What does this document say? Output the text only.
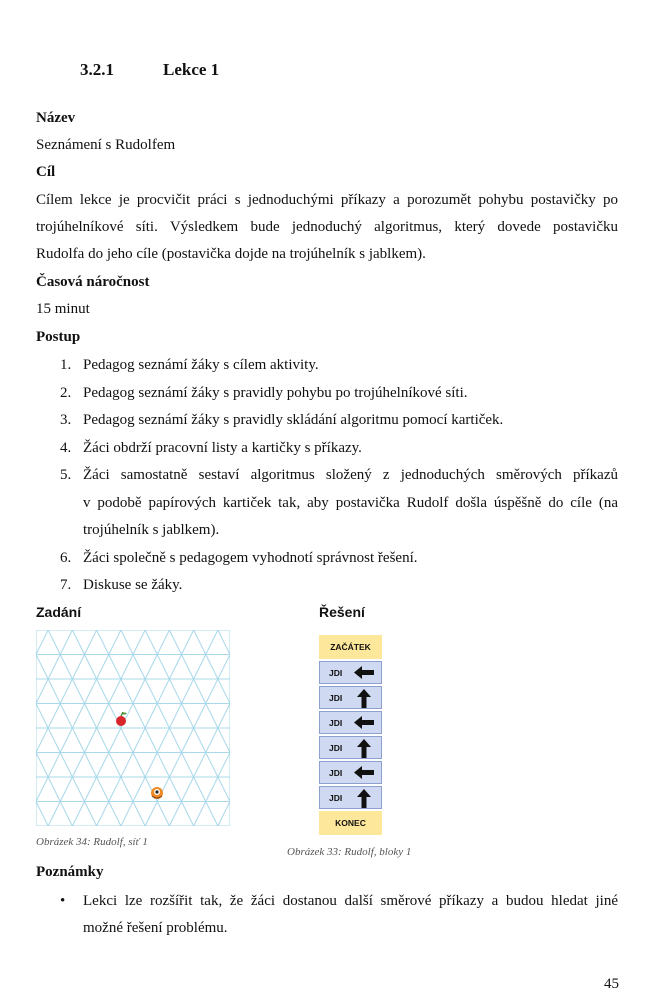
3.2.1	Lekce 1
Název
Seznámení s Rudolfem
Cíl
Cílem lekce je procvičit práci s jednoduchými příkazy a porozumět pohybu postavičky po
trojúhelníkové síti. Výsledkem bude jednoduchý algoritmus, který dovede postavičku
Rudolfa do jeho cíle (postavička dojde na trojúhelník s jablkem).
Časová náročnost
15 minut
Postup
1. Pedagog seznámí žáky s cílem aktivity.
2. Pedagog seznámí žáky s pravidly pohybu po trojúhelníkové síti.
3. Pedagog seznámí žáky s pravidly skládání algoritmu pomocí kartiček.
4. Žáci obdrží pracovní listy a kartičky s příkazy.
5. Žáci samostatně sestaví algoritmus složený z jednoduchých směrových příkazů
v podobě papírových kartiček tak, aby postavička Rudolf došla úspěšně do cíle (na
trojúhelník s jablkem).
6. Žáci společně s pedagogem vyhodnotí správnost řešení.
7. Diskuse se žáky.
Zadání	Řešení
Obrázek 34: Rudolf, síť 1
ZAČÁTEK
JDI
JDI
JDI
JDI
JDI
JDI
KONEC
Obrázek 33: Rudolf, bloky 1
Poznámky
• Lekci lze rozšířit tak, že žáci dostanou další směrové příkazy a budou hledat jiné
možné řešení problému.
45
